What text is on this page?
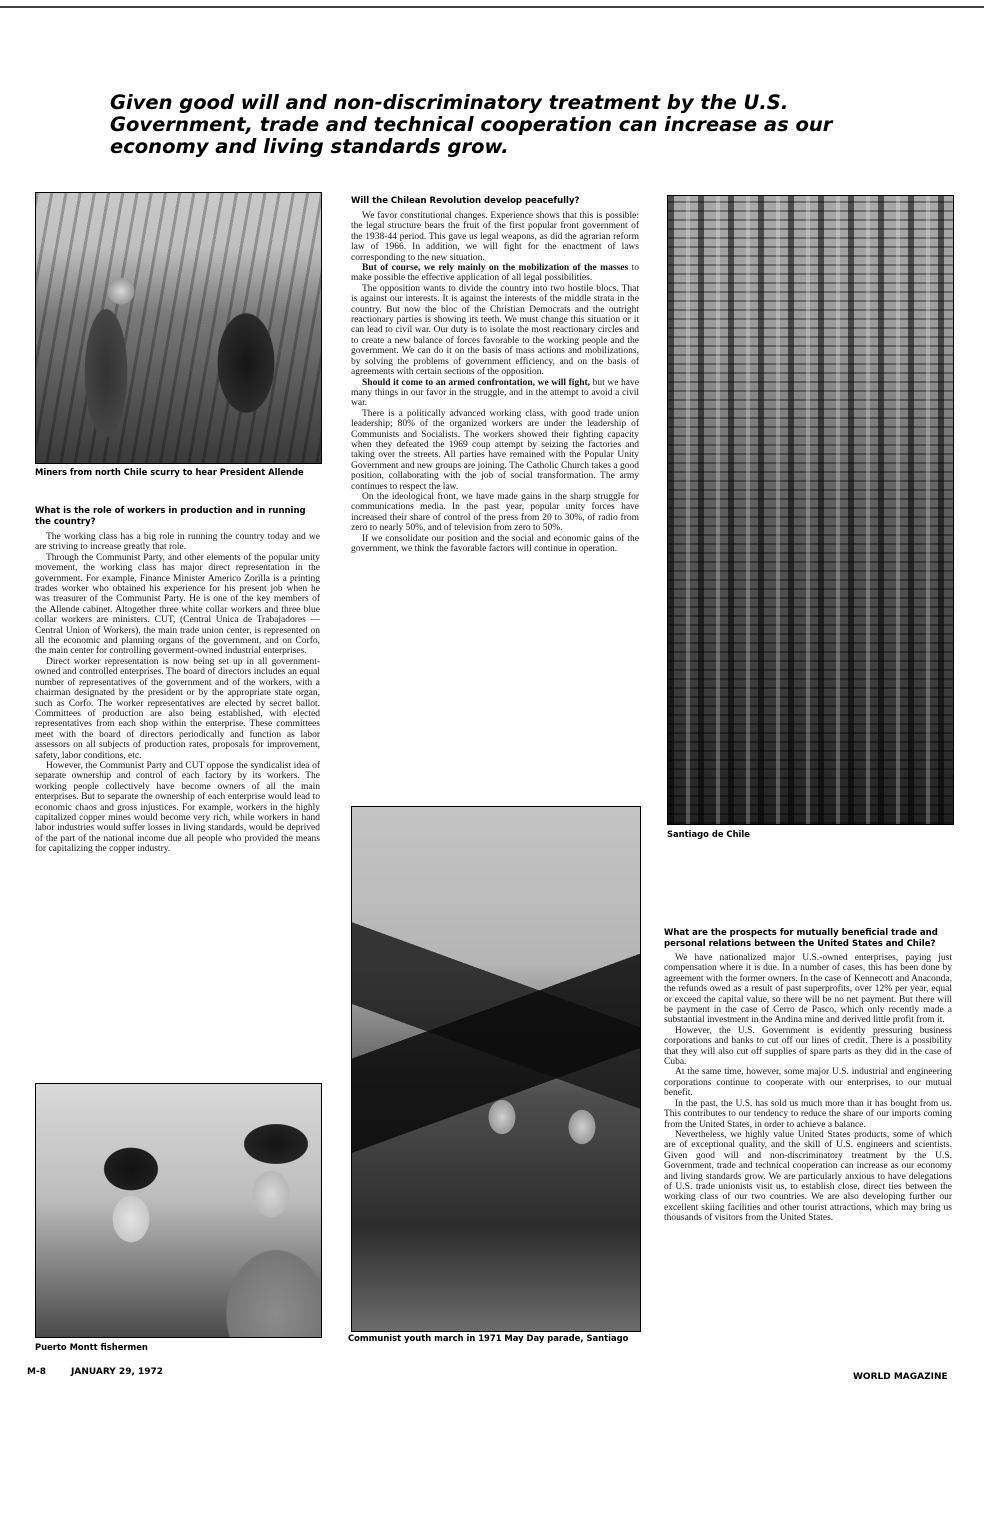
Given good will and non-discriminatory treatment by the U.S. Government, trade and technical cooperation can increase as our economy and living standards grow.

Miners from north Chile scurry to hear President Allende

What is the role of workers in production and in running the country?

The working class has a big role in running the country today and we are striving to increase greatly that role.

Through the Communist Party, and other elements of the popular unity movement, the working class has major direct representation in the government. For example, Finance Minister Americo Zorilla is a printing trades worker who obtained his experience for his present job when he was treasurer of the Communist Party. He is one of the key members of the Allende cabinet. Altogether three white collar workers and three blue collar workers are ministers. CUT, (Central Unica de Trabajadores — Central Union of Workers), the main trade union center, is represented on all the economic and planning organs of the government, and on Corfo, the main center for controlling goverment-owned industrial enterprises.

Direct worker representation is now being set up in all government-owned and controlled enterprises. The board of directors includes an equal number of representatives of the government and of the workers, with a chairman designated by the president or by the appropriate state organ, such as Corfo. The worker representatives are elected by secret ballot. Committees of production are also being established, with elected representatives from each shop within the enterprise. These committees meet with the board of directors periodically and function as labor assessors on all subjects of production rates, proposals for improvement, safety, labor conditions, etc.

However, the Communist Party and CUT oppose the syndicalist idea of separate ownership and control of each factory by its workers. The working people collectively have become owners of all the main enterprises. But to separate the ownership of each enterprise would lead to economic chaos and gross injustices. For example, workers in the highly capitalized copper mines would become very rich, while workers in hand labor industries would suffer losses in living standards, would be deprived of the part of the national income due all people who provided the means for capitalizing the copper industry.

Puerto Montt fishermen

Will the Chilean Revolution develop peacefully?

We favor constitutional changes. Experience shows that this is possible: the legal structure bears the fruit of the first popular front government of the 1938-44 period. This gave us legal weapons, as did the agrarian reform law of 1966. In addition, we will fight for the enactment of laws corresponding to the new situation.

But of course, we rely mainly on the mobilization of the masses to make possible the effective application of all legal possibilities.

The opposition wants to divide the country into two hostile blocs. That is against our interests. It is against the interests of the middle strata in the country. But now the bloc of the Christian Democrats and the outright reactionary parties is showing its teeth. We must change this situation or it can lead to civil war. Our duty is to isolate the most reactionary circles and to create a new balance of forces favorable to the working people and the government. We can do it on the basis of mass actions and mobilizations, by solving the problems of government efficiency, and on the basis of agreements with certain sections of the opposition.

Should it come to an armed confrontation, we will fight, but we have many things in our favor in the struggle, and in the attempt to avoid a civil war.

There is a politically advanced working class, with good trade union leadership; 80% of the organized workers are under the leadership of Communists and Socialists. The workers showed their fighting capacity when they defeated the 1969 coup attempt by seizing the factories and taking over the streets. All parties have remained with the Popular Unity Government and new groups are joining. The Catholic Church takes a good position, collaborating with the job of social transformation. The army continues to respect the law.

On the ideological front, we have made gains in the sharp struggle for communications media. In the past year, popular unity forces have increased their share of control of the press from 20 to 30%, of radio from zero to nearly 50%, and of television from zero to 50%.

If we consolidate our position and the social and economic gains of the government, we think the favorable factors will continue in operation.

Communist youth march in 1971 May Day parade, Santiago

Santiago de Chile

What are the prospects for mutually beneficial trade and personal relations between the United States and Chile?

We have nationalized major U.S.-owned enterprises, paying just compensation where it is due. In a number of cases, this has been done by agreement with the former owners. In the case of Kennecott and Anaconda, the refunds owed as a result of past superprofits, over 12% per year, equal or exceed the capital value, so there will be no net payment. But there will be payment in the case of Cerro de Pasco, which only recently made a substantial investment in the Andina mine and derived little profit from it.

However, the U.S. Government is evidently pressuring business corporations and banks to cut off our lines of credit. There is a possibility that they will also cut off supplies of spare parts as they did in the case of Cuba.

At the same time, however, some major U.S. industrial and engineering corporations continue to cooperate with our enterprises, to our mutual benefit.

In the past, the U.S. has sold us much more than it has bought from us. This contributes to our tendency to reduce the share of our imports coming from the United States, in order to achieve a balance.

Nevertheless, we highly value United States products, some of which are of exceptional quality, and the skill of U.S. engineers and scientists. Given good will and non-discriminatory treatment by the U.S. Government, trade and technical cooperation can increase as our economy and living standards grow. We are particularly anxious to have delegations of U.S. trade unionists visit us, to establish close, direct ties between the working class of our two countries. We are also developing further our excellent skiing facilities and other tourist attractions, which may bring us thousands of visitors from the United States.

M-8	JANUARY 29, 1972	WORLD MAGAZINE
